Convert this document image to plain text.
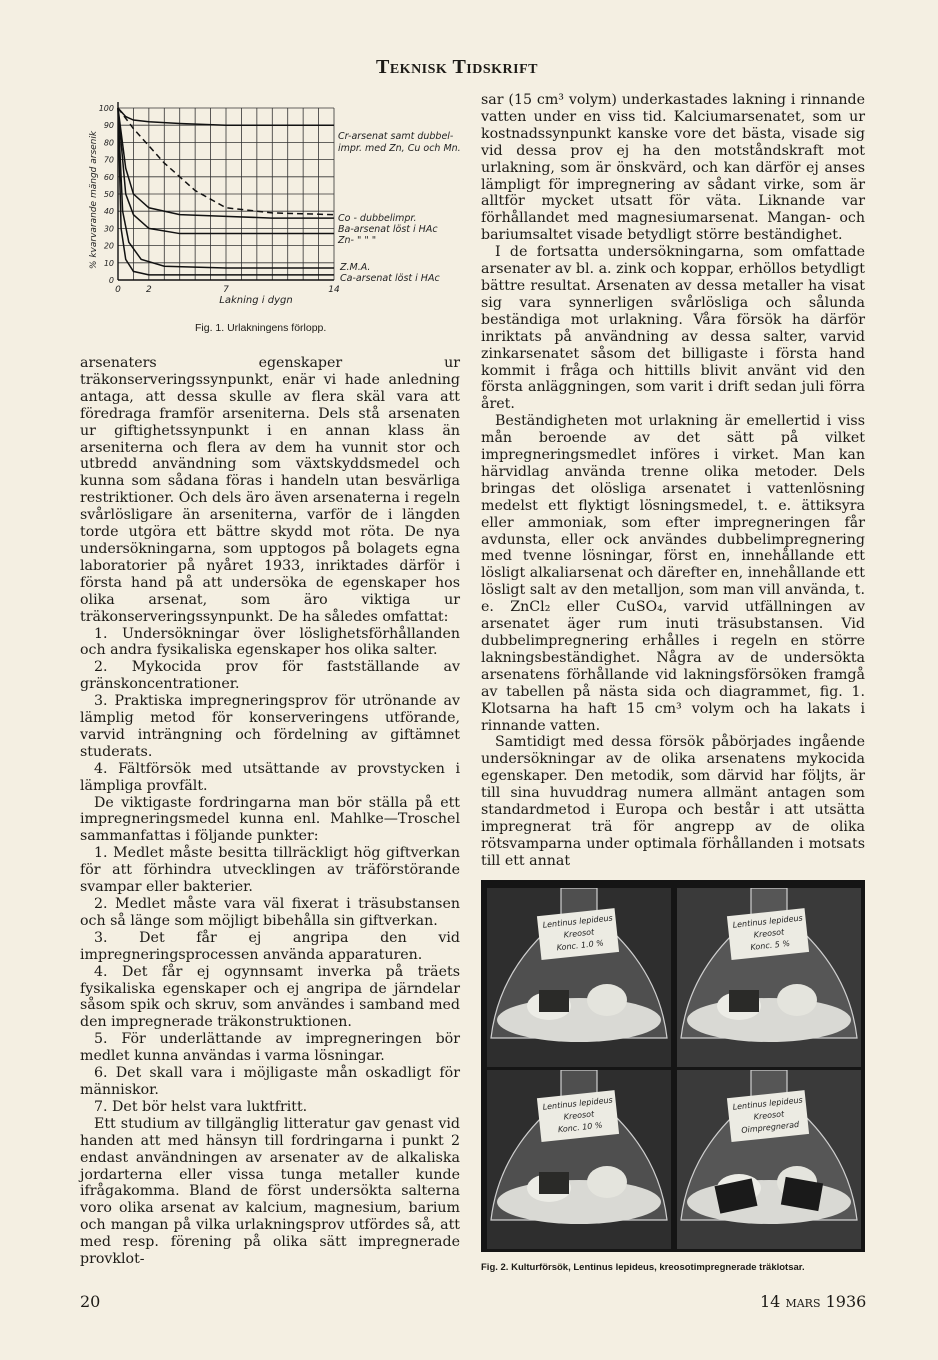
Teknisk Tidskrift
0
10
20
30
40
50
60
70
80
90
100
0	2	7	14
% kvarvarande mängd arsenik
Lakning i dygn
Cr-arsenat samt dubbel-
impr. med Zn, Cu och Mn.
Co - dubbelimpr.
Ba-arsenat löst i HAc
Zn- " " "
Z.M.A.
Ca-arsenat löst i HAc
Fig. 1. Urlakningens förlopp.

arsenaters egenskaper ur träkonserveringssynpunkt, enär vi hade anledning antaga, att dessa skulle av flera skäl vara att föredraga framför arseniterna. Dels stå arsenaten ur giftighetssynpunkt i en annan klass än arseniterna och flera av dem ha vunnit stor och utbredd användning som växtskyddsmedel och kunna som sådana föras i handeln utan besvärliga restriktioner. Och dels äro även arsenaterna i regeln svårlösligare än arseniterna, varför de i längden torde utgöra ett bättre skydd mot röta. De nya undersökningarna, som upptogos på bolagets egna laboratorier på nyåret 1933, inriktades därför i första hand på att undersöka de egenskaper hos olika arsenat, som äro viktiga ur träkonserveringssynpunkt. De ha således omfattat:

1. Undersökningar över löslighetsförhållanden och andra fysikaliska egenskaper hos olika salter.

2. Mykocida prov för fastställande av gränskoncentrationer.

3. Praktiska impregneringsprov för utrönande av lämplig metod för konserveringens utförande, varvid inträngning och fördelning av giftämnet studerats.

4. Fältförsök med utsättande av provstycken i lämpliga provfält.

De viktigaste fordringarna man bör ställa på ett impregneringsmedel kunna enl. Mahlke—Troschel sammanfattas i följande punkter:

1. Medlet måste besitta tillräckligt hög giftverkan för att förhindra utvecklingen av träförstörande svampar eller bakterier.

2. Medlet måste vara väl fixerat i träsubstansen och så länge som möjligt bibehålla sin giftverkan.

3. Det får ej angripa den vid impregneringsprocessen använda apparaturen.

4. Det får ej ogynnsamt inverka på träets fysikaliska egenskaper och ej angripa de järndelar såsom spik och skruv, som användes i samband med den impregnerade träkonstruktionen.

5. För underlättande av impregneringen bör medlet kunna användas i varma lösningar.

6. Det skall vara i möjligaste mån oskadligt för människor.

7. Det bör helst vara luktfritt.

Ett studium av tillgänglig litteratur gav genast vid handen att med hänsyn till fordringarna i punkt 2 endast användningen av arsenater av de alkaliska jordarterna eller vissa tunga metaller kunde ifrågakomma. Bland de först undersökta salterna voro olika arsenat av kalcium, magnesium, barium och mangan på vilka urlakningsprov utfördes så, att med resp. förening på olika sätt impregnerade provklot-

sar (15 cm³ volym) underkastades lakning i rinnande vatten under en viss tid. Kalciumarsenatet, som ur kostnadssynpunkt kanske vore det bästa, visade sig vid dessa prov ej ha den motståndskraft mot urlakning, som är önskvärd, och kan därför ej anses lämpligt för impregnering av sådant virke, som är alltför mycket utsatt för väta. Liknande var förhållandet med magnesiumarsenat. Mangan- och bariumsaltet visade betydligt större beständighet.

I de fortsatta undersökningarna, som omfattade arsenater av bl. a. zink och koppar, erhöllos betydligt bättre resultat. Arsenaten av dessa metaller ha visat sig vara synnerligen svårlösliga och sålunda beständiga mot urlakning. Våra försök ha därför inriktats på användning av dessa salter, varvid zinkarsenatet såsom det billigaste i första hand kommit i fråga och hittills blivit använt vid den första anläggningen, som varit i drift sedan juli förra året.

Beständigheten mot urlakning är emellertid i viss mån beroende av det sätt på vilket impregneringsmedlet införes i virket. Man kan härvidlag använda trenne olika metoder. Dels bringas det olösliga arsenatet i vattenlösning medelst ett flyktigt lösningsmedel, t. e. ättiksyra eller ammoniak, som efter impregneringen får avdunsta, eller ock användes dubbelimpregnering med tvenne lösningar, först en, innehållande ett lösligt alkaliarsenat och därefter en, innehållande ett lösligt salt av den metalljon, som man vill använda, t. e. ZnCl₂ eller CuSO₄, varvid utfällningen av arsenatet äger rum inuti träsubstansen. Vid dubbelimpregnering erhålles i regeln en större lakningsbeständighet. Några av de undersökta arsenatens förhållande vid lakningsförsöken framgå av tabellen på nästa sida och diagrammet, fig. 1. Klotsarna ha haft 15 cm³ volym och ha lakats i rinnande vatten.

Samtidigt med dessa försök påbörjades ingående undersökningar av de olika arsenatens mykocida egenskaper. Den metodik, som därvid har följts, är till sina huvuddrag numera allmänt antagen som standardmetod i Europa och består i att utsätta impregnerat trä för angrepp av de olika rötsvamparna under optimala förhållanden i motsats till ett annat

Lentinus lepideus
Kreosot
Konc. 1.0 %
Lentinus lepideus
Kreosot
Konc. 5 %
Lentinus lepideus
Kreosot
Konc. 10 %
Lentinus lepideus
Kreosot
Oimpregnerad
Fig. 2. Kulturförsök, Lentinus lepideus, kreosotimpregnerade träklotsar.
20	14 mars 1936
